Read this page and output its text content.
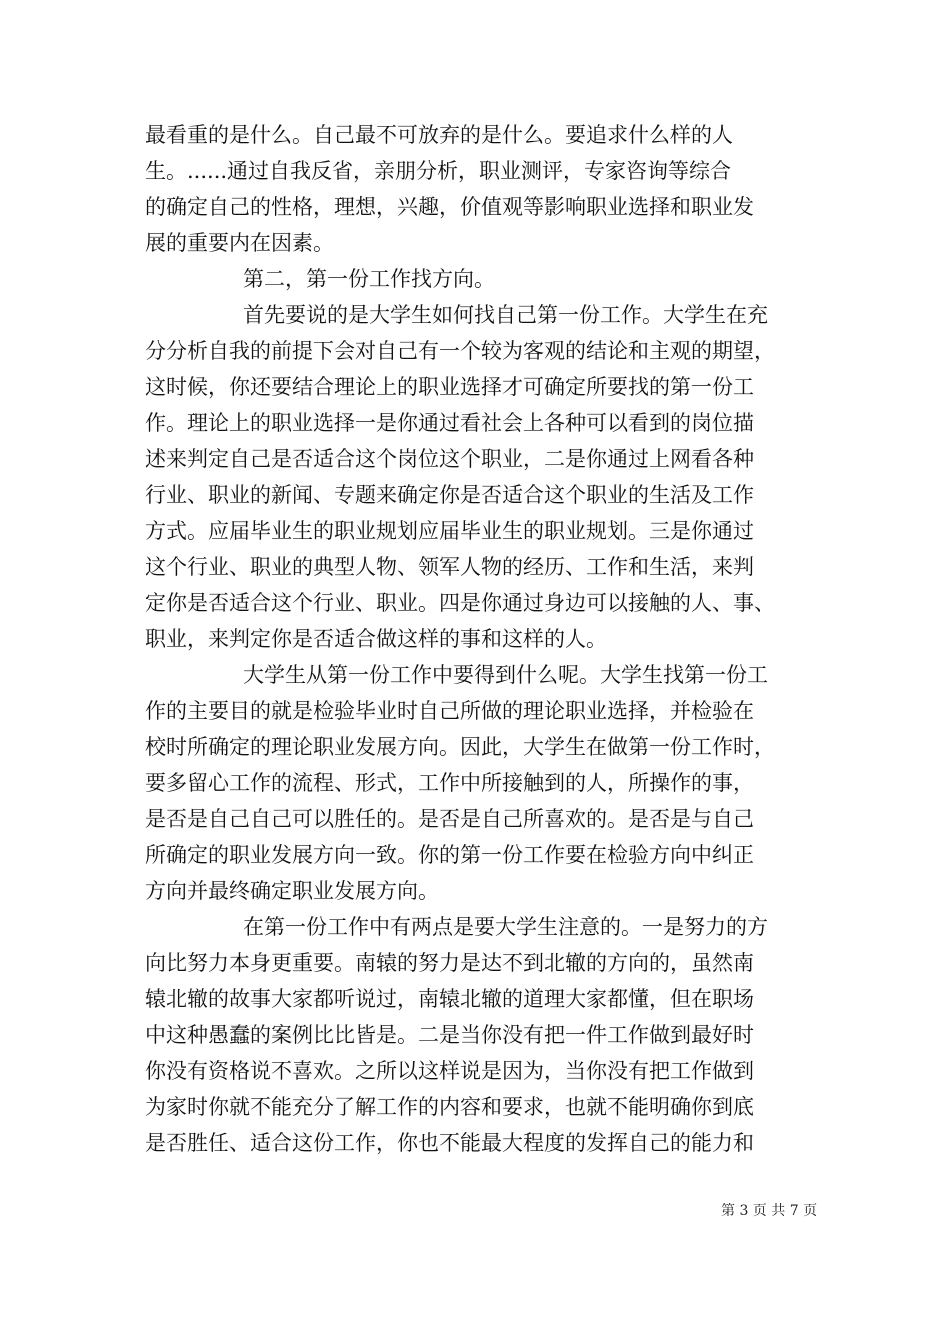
最看重的是什么。自己最不可放弃的是什么。要追求什么样的人
生。......通过自我反省，亲朋分析，职业测评，专家咨询等综合
的确定自己的性格，理想，兴趣，价值观等影响职业选择和职业发
展的重要内在因素。
第二，第一份工作找方向。
首先要说的是大学生如何找自己第一份工作。大学生在充
分分析自我的前提下会对自己有一个较为客观的结论和主观的期望，
这时候，你还要结合理论上的职业选择才可确定所要找的第一份工
作。理论上的职业选择一是你通过看社会上各种可以看到的岗位描
述来判定自己是否适合这个岗位这个职业，二是你通过上网看各种
行业、职业的新闻、专题来确定你是否适合这个职业的生活及工作
方式。应届毕业生的职业规划应届毕业生的职业规划。三是你通过
这个行业、职业的典型人物、领军人物的经历、工作和生活，来判
定你是否适合这个行业、职业。四是你通过身边可以接触的人、事、
职业，来判定你是否适合做这样的事和这样的人。
大学生从第一份工作中要得到什么呢。大学生找第一份工
作的主要目的就是检验毕业时自己所做的理论职业选择，并检验在
校时所确定的理论职业发展方向。因此，大学生在做第一份工作时，
要多留心工作的流程、形式，工作中所接触到的人，所操作的事，
是否是自己自己可以胜任的。是否是自己所喜欢的。是否是与自己
所确定的职业发展方向一致。你的第一份工作要在检验方向中纠正
方向并最终确定职业发展方向。
在第一份工作中有两点是要大学生注意的。一是努力的方
向比努力本身更重要。南辕的努力是达不到北辙的方向的，虽然南
辕北辙的故事大家都听说过，南辕北辙的道理大家都懂，但在职场
中这种愚蠢的案例比比皆是。二是当你没有把一件工作做到最好时
你没有资格说不喜欢。之所以这样说是因为，当你没有把工作做到
为家时你就不能充分了解工作的内容和要求，也就不能明确你到底
是否胜任、适合这份工作，你也不能最大程度的发挥自己的能力和
第 3 页 共 7 页
